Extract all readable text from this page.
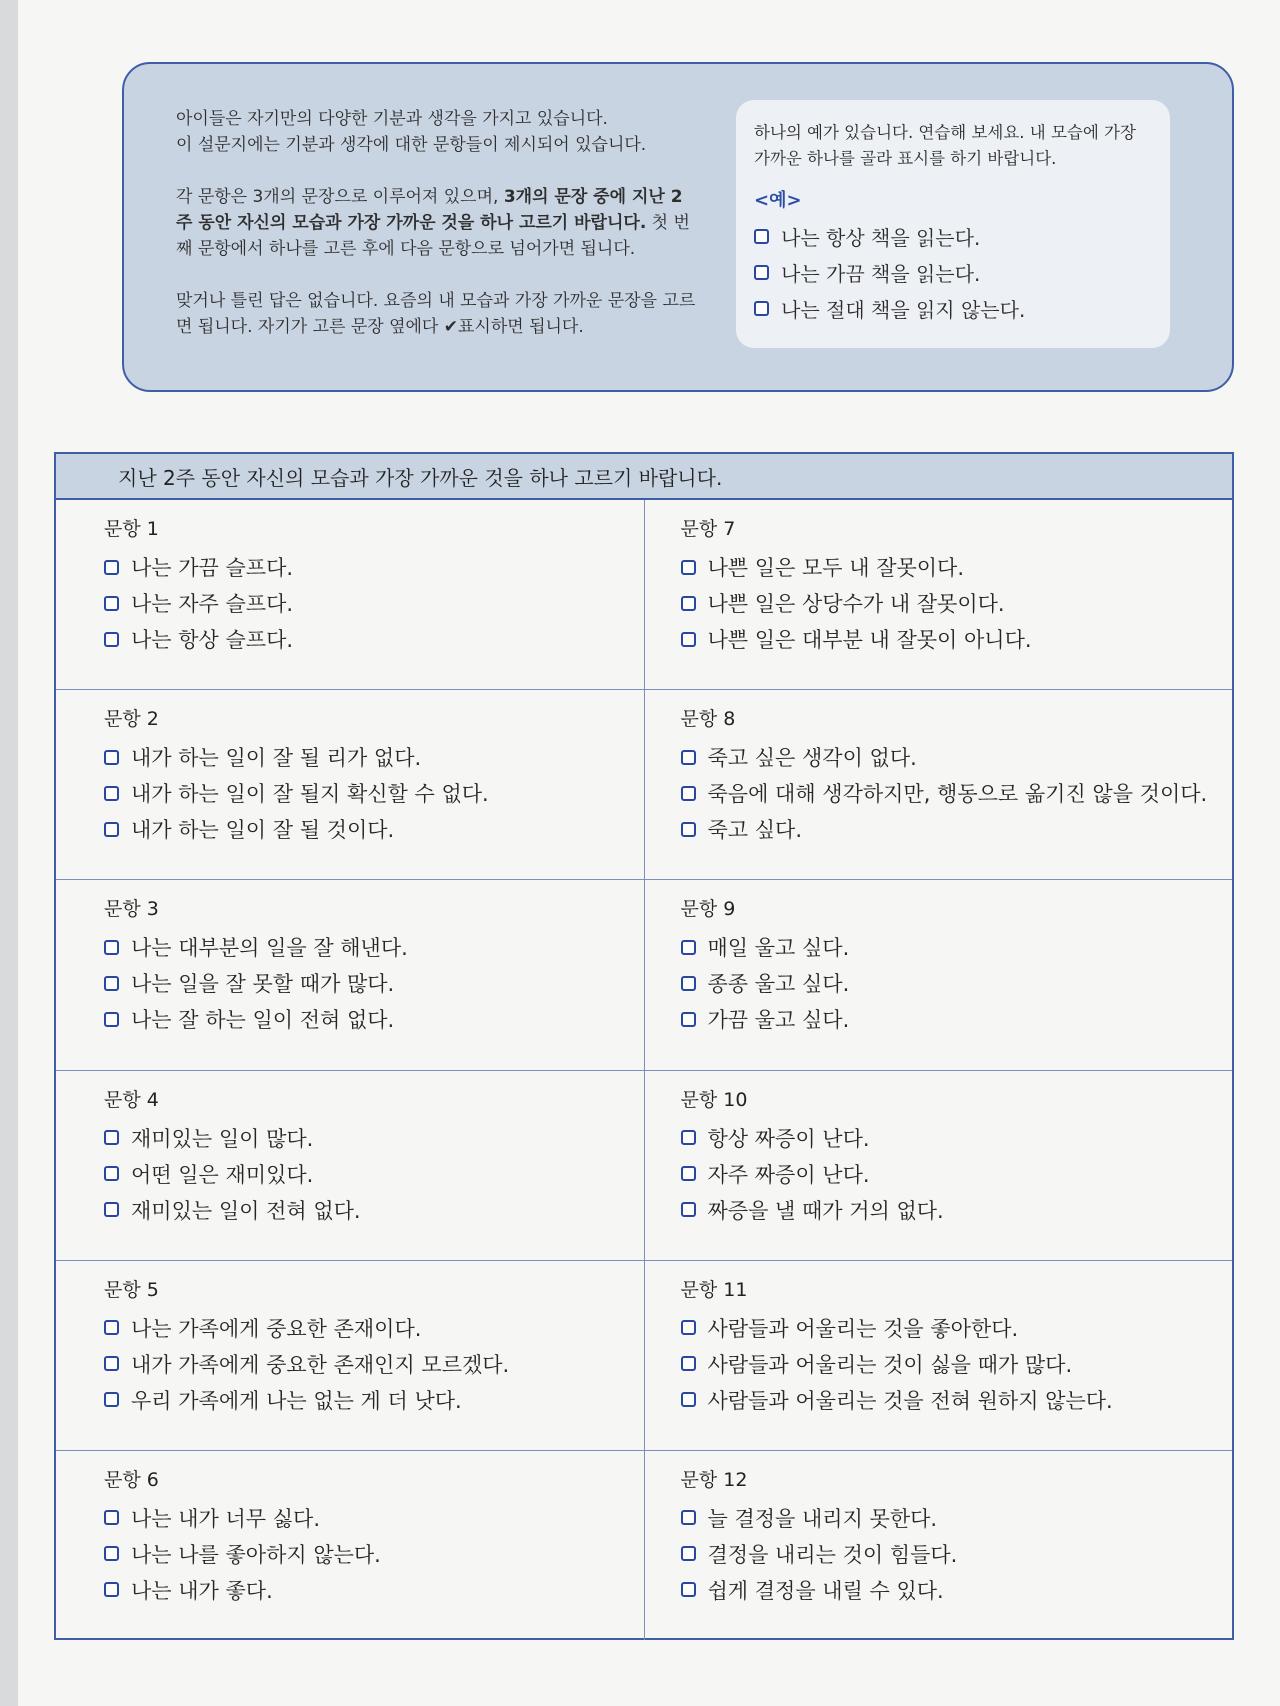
아이들은 자기만의 다양한 기분과 생각을 가지고 있습니다.
이 설문지에는 기분과 생각에 대한 문항들이 제시되어 있습니다.

각 문항은 3개의 문장으로 이루어져 있으며, 3개의 문장 중에 지난 2주 동안 자신의 모습과 가장 가까운 것을 하나 고르기 바랍니다. 첫 번째 문항에서 하나를 고른 후에 다음 문항으로 넘어가면 됩니다.

맞거나 틀린 답은 없습니다. 요즘의 내 모습과 가장 가까운 문장을 고르면 됩니다. 자기가 고른 문장 옆에다 ✔표시하면 됩니다.

하나의 예가 있습니다. 연습해 보세요. 내 모습에 가장 가까운 하나를 골라 표시를 하기 바랍니다.

<예>
나는 항상 책을 읽는다.
나는 가끔 책을 읽는다.
나는 절대 책을 읽지 않는다.
지난 2주 동안 자신의 모습과 가장 가까운 것을 하나 고르기 바랍니다.
문항 1
나는 가끔 슬프다.
나는 자주 슬프다.
나는 항상 슬프다.
문항 2
내가 하는 일이 잘 될 리가 없다.
내가 하는 일이 잘 될지 확신할 수 없다.
내가 하는 일이 잘 될 것이다.
문항 3
나는 대부분의 일을 잘 해낸다.
나는 일을 잘 못할 때가 많다.
나는 잘 하는 일이 전혀 없다.
문항 4
재미있는 일이 많다.
어떤 일은 재미있다.
재미있는 일이 전혀 없다.
문항 5
나는 가족에게 중요한 존재이다.
내가 가족에게 중요한 존재인지 모르겠다.
우리 가족에게 나는 없는 게 더 낫다.
문항 6
나는 내가 너무 싫다.
나는 나를 좋아하지 않는다.
나는 내가 좋다.
문항 7
나쁜 일은 모두 내 잘못이다.
나쁜 일은 상당수가 내 잘못이다.
나쁜 일은 대부분 내 잘못이 아니다.
문항 8
죽고 싶은 생각이 없다.
죽음에 대해 생각하지만, 행동으로 옮기진 않을 것이다.
죽고 싶다.
문항 9
매일 울고 싶다.
종종 울고 싶다.
가끔 울고 싶다.
문항 10
항상 짜증이 난다.
자주 짜증이 난다.
짜증을 낼 때가 거의 없다.
문항 11
사람들과 어울리는 것을 좋아한다.
사람들과 어울리는 것이 싫을 때가 많다.
사람들과 어울리는 것을 전혀 원하지 않는다.
문항 12
늘 결정을 내리지 못한다.
결정을 내리는 것이 힘들다.
쉽게 결정을 내릴 수 있다.
